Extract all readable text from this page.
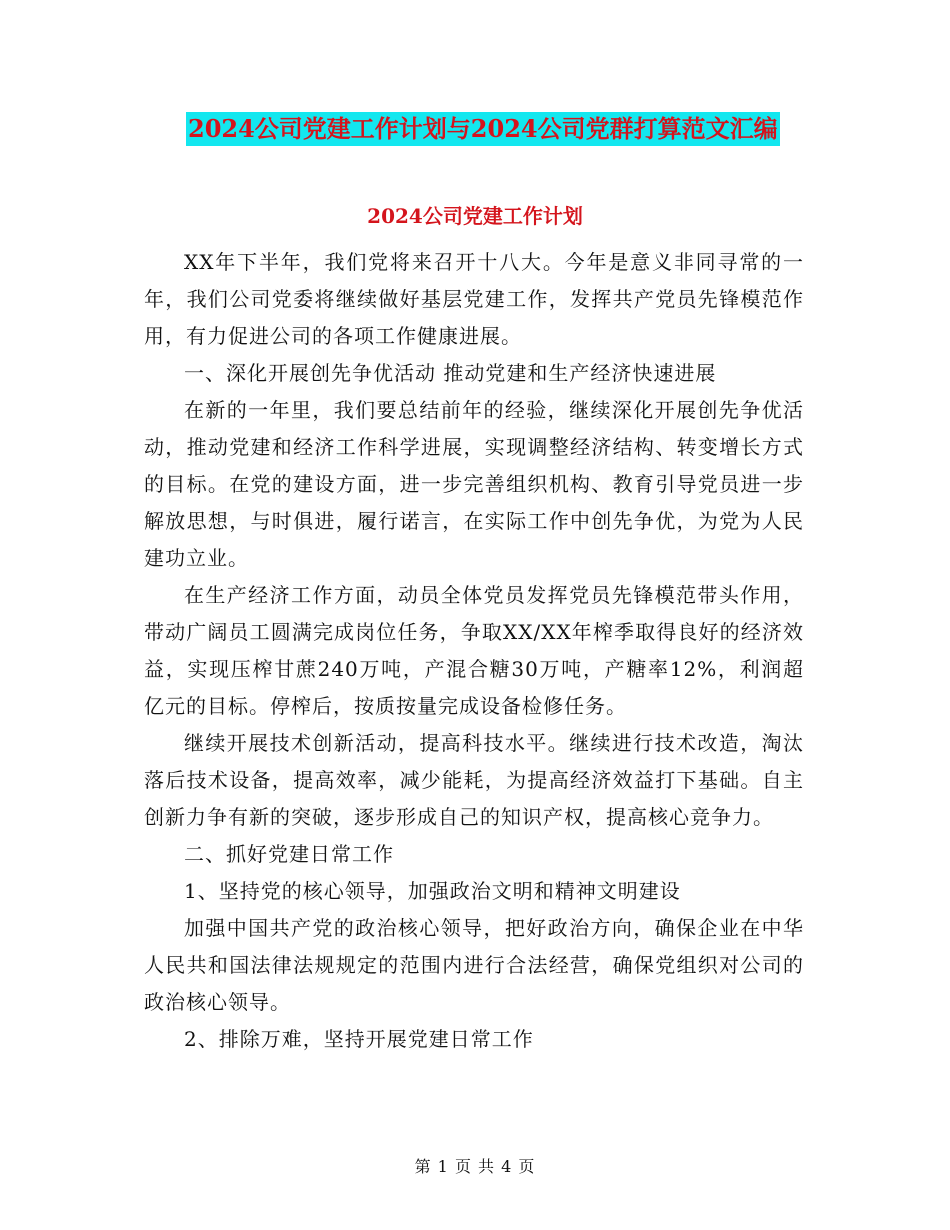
2024公司党建工作计划与2024公司党群打算范文汇编
2024公司党建工作计划

XX年下半年，我们党将来召开十八大。今年是意义非同寻常的一年，我们公司党委将继续做好基层党建工作，发挥共产党员先锋模范作用，有力促进公司的各项工作健康进展。

一、深化开展创先争优活动 推动党建和生产经济快速进展

在新的一年里，我们要总结前年的经验，继续深化开展创先争优活动，推动党建和经济工作科学进展，实现调整经济结构、转变增长方式的目标。在党的建设方面，进一步完善组织机构、教育引导党员进一步解放思想，与时俱进，履行诺言，在实际工作中创先争优，为党为人民建功立业。

在生产经济工作方面，动员全体党员发挥党员先锋模范带头作用，带动广阔员工圆满完成岗位任务，争取XX/XX年榨季取得良好的经济效益，实现压榨甘蔗240万吨，产混合糖30万吨，产糖率12%，利润超亿元的目标。停榨后，按质按量完成设备检修任务。

继续开展技术创新活动，提高科技水平。继续进行技术改造，淘汰落后技术设备，提高效率，减少能耗，为提高经济效益打下基础。自主创新力争有新的突破，逐步形成自己的知识产权，提高核心竞争力。

二、抓好党建日常工作

1、坚持党的核心领导，加强政治文明和精神文明建设

加强中国共产党的政治核心领导，把好政治方向，确保企业在中华人民共和国法律法规规定的范围内进行合法经营，确保党组织对公司的政治核心领导。

2、排除万难，坚持开展党建日常工作

第 1 页 共 4 页
